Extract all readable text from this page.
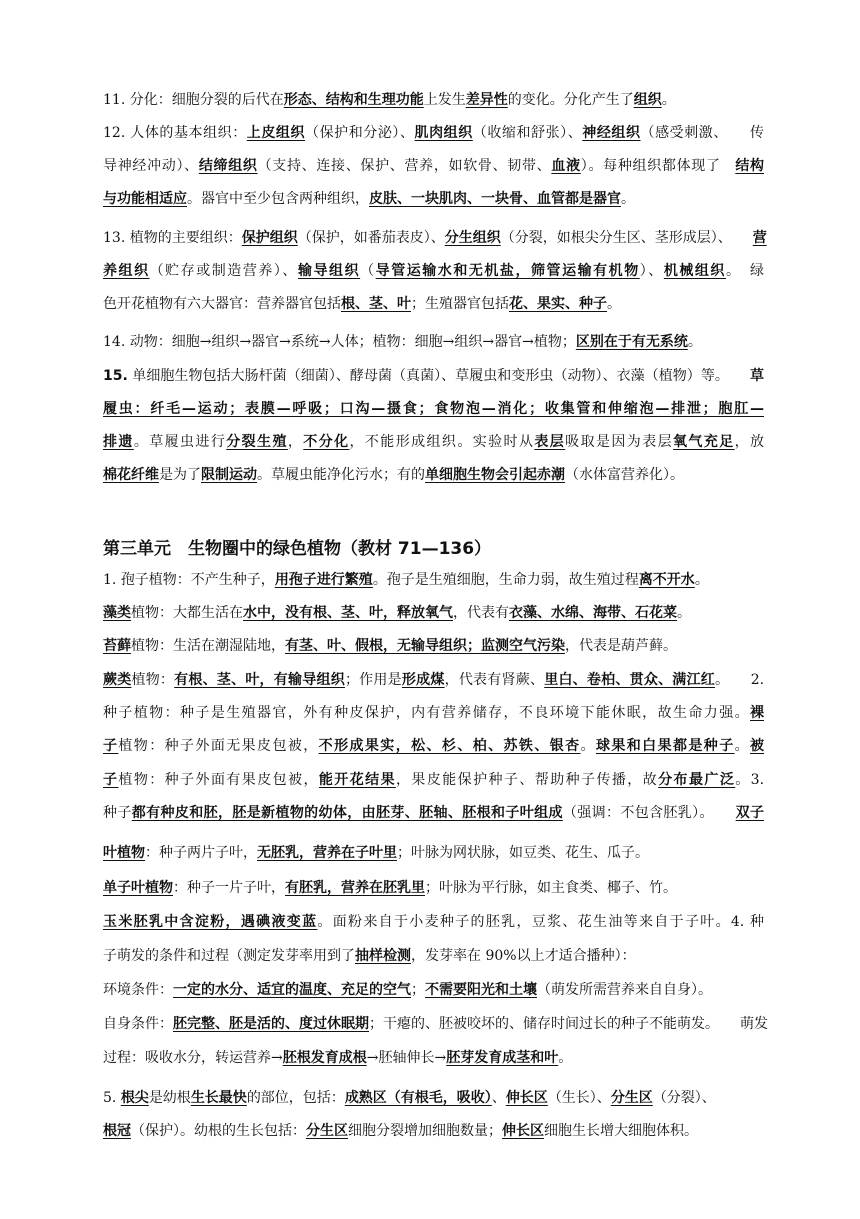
11. 分化：细胞分裂的后代在形态、结构和生理功能上发生差异性的变化。分化产生了组织。
12. 人体的基本组织：上皮组织（保护和分泌）、肌肉组织（收缩和舒张）、神经组织（感受刺激、　　传
导神经冲动）、结缔组织（支持、连接、保护、营养，如软骨、韧带、血液）。每种组织都体现了　结构
与功能相适应。器官中至少包含两种组织，皮肤、一块肌肉、一块骨、血管都是器官。
13. 植物的主要组织：保护组织（保护，如番茄表皮）、分生组织（分裂，如根尖分生区、茎形成层）、　　营
养组织（贮存或制造营养）、输导组织（导管运输水和无机盐，筛管运输有机物）、机械组织。　绿
色开花植物有六大器官：营养器官包括根、茎、叶；生殖器官包括花、果实、种子。
14. 动物：细胞→组织→器官→系统→人体；植物：细胞→组织→器官→植物；区别在于有无系统。
15. 单细胞生物包括大肠杆菌（细菌）、酵母菌（真菌）、草履虫和变形虫（动物）、衣藻（植物）等。　　草
履虫：纤毛—运动；表膜—呼吸；口沟—摄食；食物泡—消化；收集管和伸缩泡—排泄；胞肛—
排遗。草履虫进行分裂生殖，不分化，不能形成组织。实验时从表层吸取是因为表层氧气充足，放
棉花纤维是为了限制运动。草履虫能净化污水；有的单细胞生物会引起赤潮（水体富营养化）。
第三单元　生物圈中的绿色植物（教材 71—136）
1. 孢子植物：不产生种子，用孢子进行繁殖。孢子是生殖细胞，生命力弱，故生殖过程离不开水。
藻类植物：大都生活在水中，没有根、茎、叶，释放氧气，代表有衣藻、水绵、海带、石花菜。
苔藓植物：生活在潮湿陆地，有茎、叶、假根，无输导组织；监测空气污染，代表是葫芦藓。
蕨类植物：有根、茎、叶，有输导组织；作用是形成煤，代表有肾蕨、里白、卷柏、贯众、满江红。　　2.
种子植物：种子是生殖器官，外有种皮保护，内有营养储存，不良环境下能休眠，故生命力强。裸
子植物：种子外面无果皮包被，不形成果实，松、杉、柏、苏铁、银杏。球果和白果都是种子。被
子植物：种子外面有果皮包被，能开花结果，果皮能保护种子、帮助种子传播，故分布最广泛。3.
种子都有种皮和胚，胚是新植物的幼体，由胚芽、胚轴、胚根和子叶组成（强调：不包含胚乳）。　　双子
叶植物：种子两片子叶，无胚乳，营养在子叶里；叶脉为网状脉，如豆类、花生、瓜子。
单子叶植物：种子一片子叶，有胚乳，营养在胚乳里；叶脉为平行脉，如主食类、椰子、竹。
玉米胚乳中含淀粉，遇碘液变蓝。面粉来自于小麦种子的胚乳，豆浆、花生油等来自于子叶。4. 种
子萌发的条件和过程（测定发芽率用到了抽样检测，发芽率在 90%以上才适合播种）：
环境条件：一定的水分、适宜的温度、充足的空气；不需要阳光和土壤（萌发所需营养来自自身）。
自身条件：胚完整、胚是活的、度过休眠期；干瘪的、胚被咬坏的、储存时间过长的种子不能萌发。　　萌发
过程：吸收水分，转运营养→胚根发育成根→胚轴伸长→胚芽发育成茎和叶。
5. 根尖是幼根生长最快的部位，包括：成熟区（有根毛，吸收）、伸长区（生长）、分生区（分裂）、
根冠（保护）。幼根的生长包括：分生区细胞分裂增加细胞数量；伸长区细胞生长增大细胞体积。
